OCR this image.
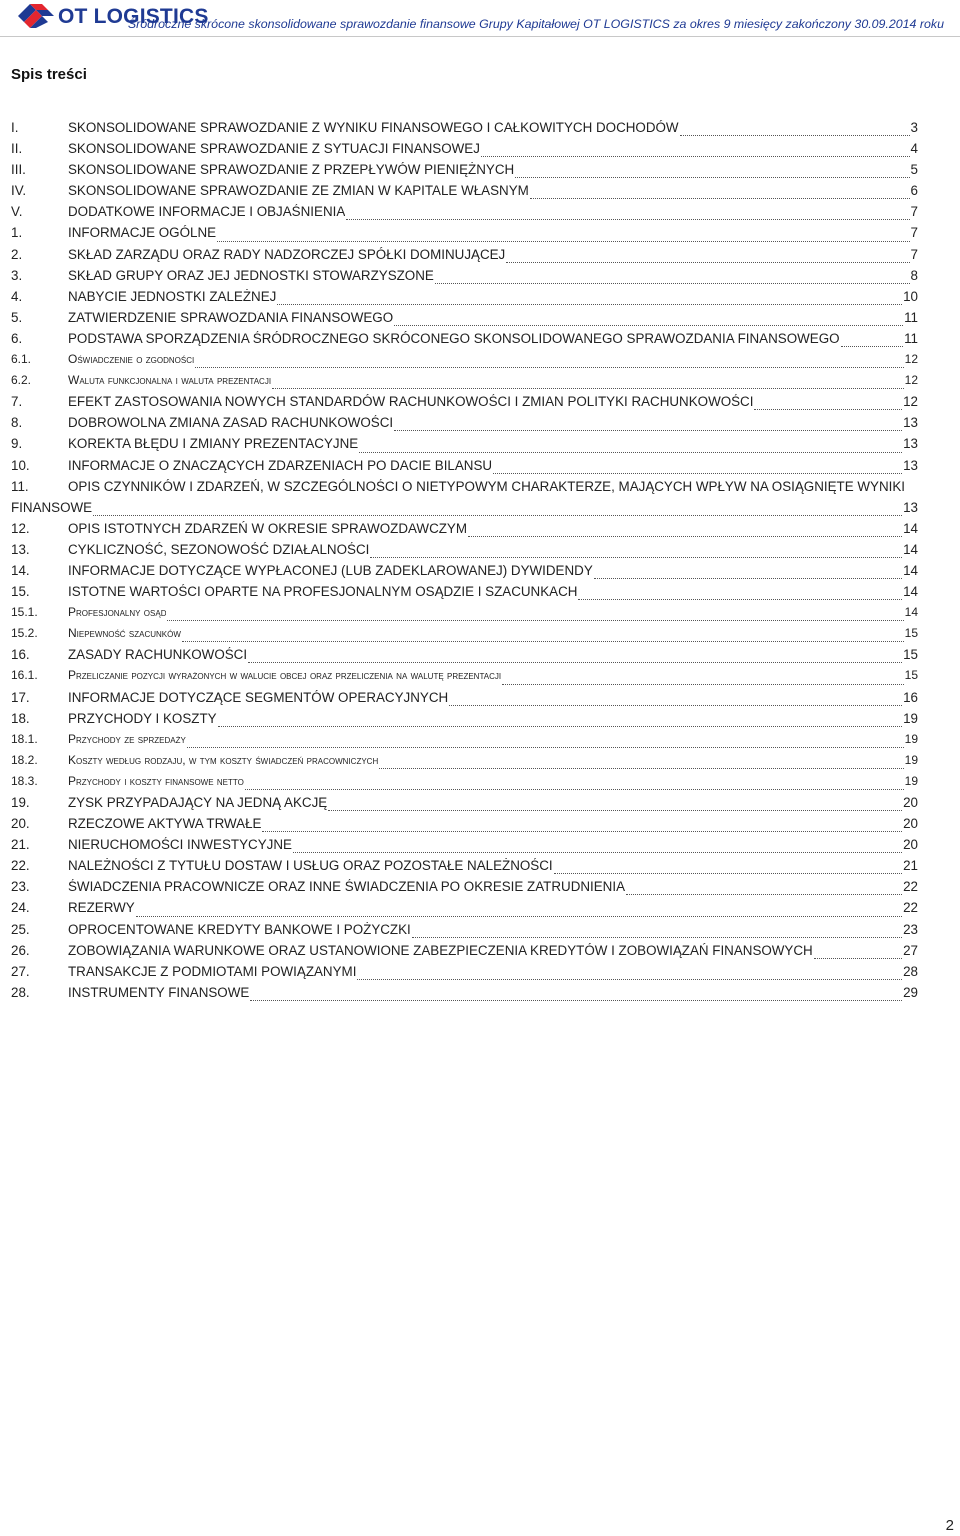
OT LOGISTICS
Śródroczne skrócone skonsolidowane sprawozdanie finansowe Grupy Kapitałowej OT LOGISTICS za okres 9 miesięcy zakończony 30.09.2014 roku
Spis treści
I.	SKONSOLIDOWANE SPRAWOZDANIE Z WYNIKU FINANSOWEGO I CAŁKOWITYCH DOCHODÓW	3
II.	SKONSOLIDOWANE SPRAWOZDANIE Z SYTUACJI FINANSOWEJ	4
III.	SKONSOLIDOWANE SPRAWOZDANIE Z PRZEPŁYWÓW PIENIĘŻNYCH	5
IV.	SKONSOLIDOWANE SPRAWOZDANIE ZE ZMIAN W KAPITALE WŁASNYM	6
V.	DODATKOWE INFORMACJE I OBJAŚNIENIA	7
1.	INFORMACJE OGÓLNE	7
2.	SKŁAD ZARZĄDU ORAZ RADY NADZORCZEJ SPÓŁKI DOMINUJĄCEJ	7
3.	SKŁAD GRUPY ORAZ JEJ JEDNOSTKI STOWARZYSZONE	8
4.	NABYCIE JEDNOSTKI ZALEŻNEJ	10
5.	ZATWIERDZENIE SPRAWOZDANIA FINANSOWEGO	11
6.	PODSTAWA SPORZĄDZENIA ŚRÓDROCZNEGO SKRÓCONEGO SKONSOLIDOWANEGO SPRAWOZDANIA FINANSOWEGO	11
6.1.	Oświadczenie o zgodności	12
6.2.	Waluta funkcjonalna i waluta prezentacji	12
7.	EFEKT ZASTOSOWANIA NOWYCH STANDARDÓW RACHUNKOWOŚCI I ZMIAN POLITYKI RACHUNKOWOŚCI	12
8.	DOBROWOLNA ZMIANA ZASAD RACHUNKOWOŚCI	13
9.	KOREKTA BŁĘDU I ZMIANY PREZENTACYJNE	13
10.	INFORMACJE O ZNACZĄCYCH ZDARZENIACH PO DACIE BILANSU	13
11.	OPIS CZYNNIKÓW I ZDARZEŃ, W SZCZEGÓLNOŚCI O NIETYPOWYM CHARAKTERZE, MAJĄCYCH WPŁYW NA OSIĄGNIĘTE WYNIKI
FINANSOWE	13
12.	OPIS ISTOTNYCH ZDARZEŃ W OKRESIE SPRAWOZDAWCZYM	14
13.	CYKLICZNOŚĆ, SEZONOWOŚĆ DZIAŁALNOŚCI	14
14.	INFORMACJE DOTYCZĄCE WYPŁACONEJ (LUB ZADEKLAROWANEJ) DYWIDENDY	14
15.	ISTOTNE WARTOŚCI OPARTE NA PROFESJONALNYM OSĄDZIE I SZACUNKACH	14
15.1.	Profesjonalny osąd	14
15.2.	Niepewność szacunków	15
16.	ZASADY RACHUNKOWOŚCI	15
16.1.	Przeliczanie pozycji wyrażonych w walucie obcej oraz przeliczenia na walutę prezentacji	15
17.	INFORMACJE DOTYCZĄCE SEGMENTÓW OPERACYJNYCH	16
18.	PRZYCHODY I KOSZTY	19
18.1.	Przychody ze sprzedaży	19
18.2.	Koszty według rodzaju, w tym koszty świadczeń pracowniczych	19
18.3.	Przychody i koszty finansowe netto	19
19.	ZYSK PRZYPADAJĄCY NA JEDNĄ AKCJĘ	20
20.	RZECZOWE AKTYWA TRWAŁE	20
21.	NIERUCHOMOŚCI INWESTYCYJNE	20
22.	NALEŻNOŚCI Z TYTUŁU DOSTAW I USŁUG ORAZ POZOSTAŁE NALEŻNOŚCI	21
23.	ŚWIADCZENIA PRACOWNICZE ORAZ INNE ŚWIADCZENIA PO OKRESIE ZATRUDNIENIA	22
24.	REZERWY	22
25.	OPROCENTOWANE KREDYTY BANKOWE I POŻYCZKI	23
26.	ZOBOWIĄZANIA WARUNKOWE ORAZ USTANOWIONE ZABEZPIECZENIA KREDYTÓW I ZOBOWIĄZAŃ FINANSOWYCH	27
27.	TRANSAKCJE Z PODMIOTAMI POWIĄZANYMI	28
28.	INSTRUMENTY FINANSOWE	29
2
